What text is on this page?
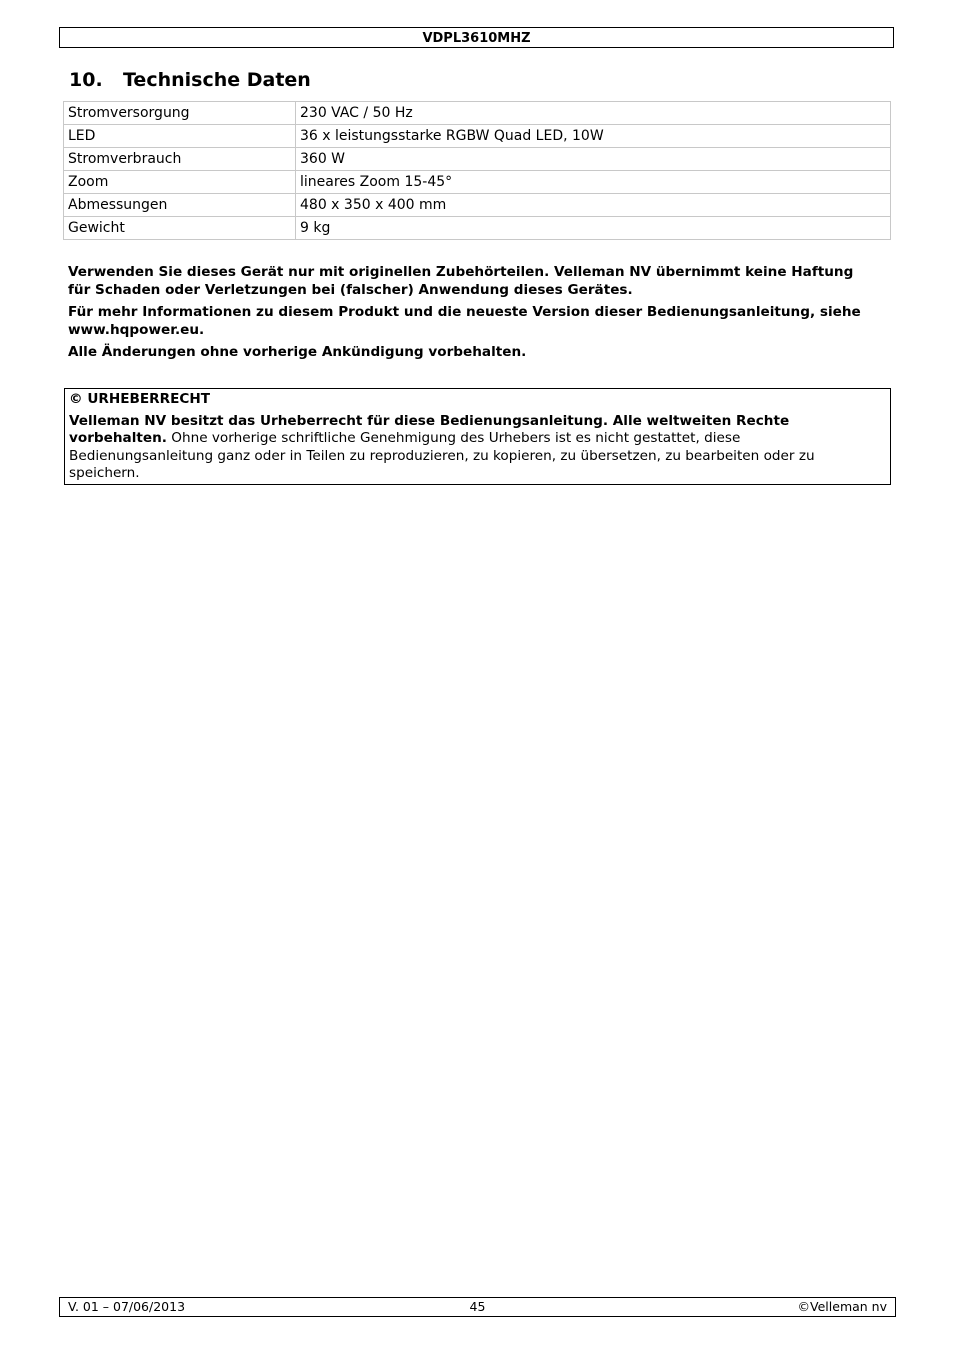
VDPL3610MHZ
10. Technische Daten
Stromversorgung	230 VAC / 50 Hz
LED	36 x leistungsstarke RGBW Quad LED, 10W
Stromverbrauch	360 W
Zoom	lineares Zoom 15-45°
Abmessungen	480 x 350 x 400 mm
Gewicht	9 kg

Verwenden Sie dieses Gerät nur mit originellen Zubehörteilen. Velleman NV übernimmt keine Haftung für Schaden oder Verletzungen bei (falscher) Anwendung dieses Gerätes.

Für mehr Informationen zu diesem Produkt und die neueste Version dieser Bedienungsanleitung, siehe www.hqpower.eu.

Alle Änderungen ohne vorherige Ankündigung vorbehalten.

© URHEBERRECHT

Velleman NV besitzt das Urheberrecht für diese Bedienungsanleitung. Alle weltweiten Rechte vorbehalten. Ohne vorherige schriftliche Genehmigung des Urhebers ist es nicht gestattet, diese Bedienungsanleitung ganz oder in Teilen zu reproduzieren, zu kopieren, zu übersetzen, zu bearbeiten oder zu speichern.

V. 01 – 07/06/2013	45	©Velleman nv
